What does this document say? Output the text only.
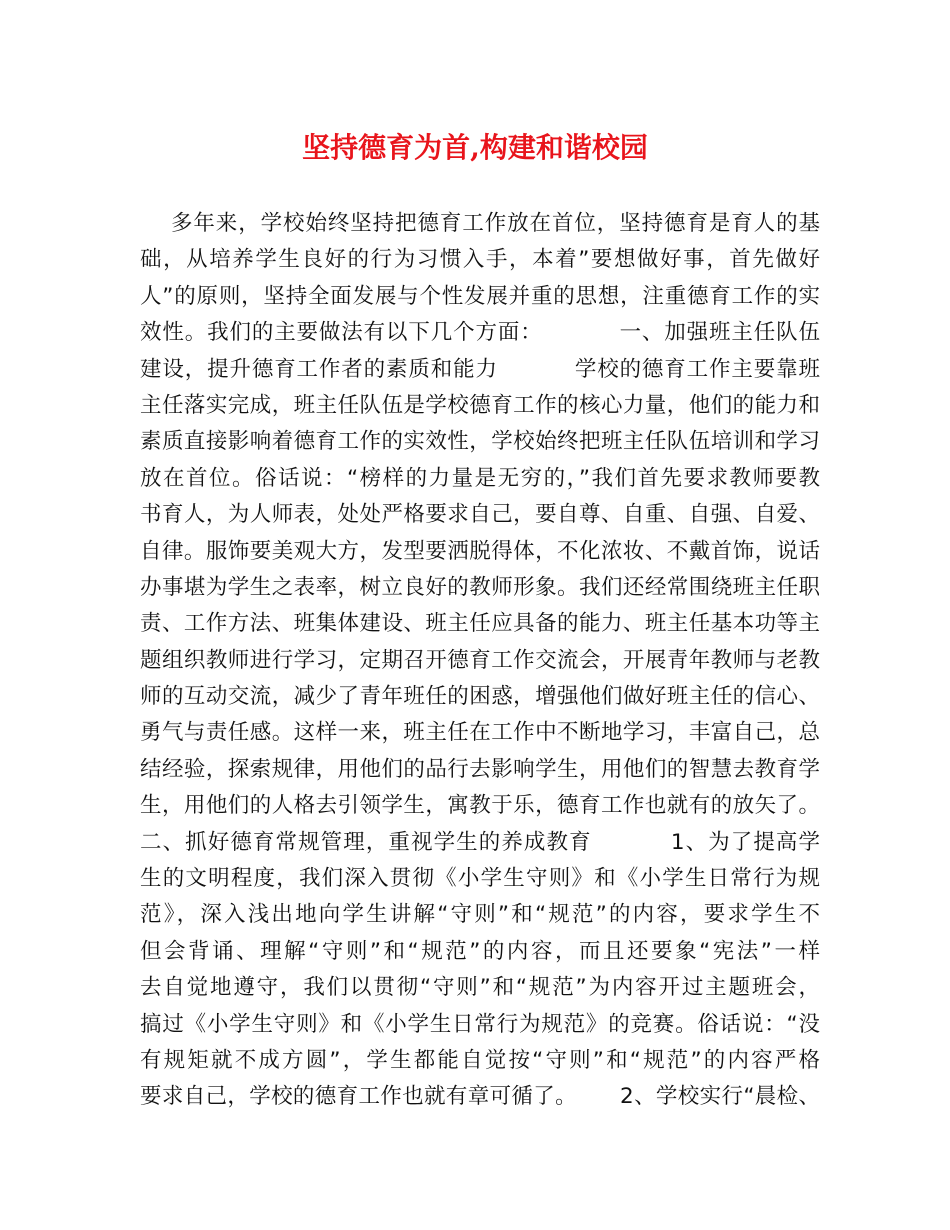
坚持德育为首,构建和谐校园
多年来，学校始终坚持把德育工作放在首位，坚持德育是育人的基
础，从培养学生良好的行为习惯入手，本着”要想做好事，首先做好
人”的原则，坚持全面发展与个性发展并重的思想，注重德育工作的实
效性。我们的主要做法有以下几个方面：          一、加强班主任队伍
建设，提升德育工作者的素质和能力          学校的德育工作主要靠班
主任落实完成，班主任队伍是学校德育工作的核心力量，他们的能力和
素质直接影响着德育工作的实效性，学校始终把班主任队伍培训和学习
放在首位。俗话说：“榜样的力量是无穷的，”我们首先要求教师要教
书育人，为人师表，处处严格要求自己，要自尊、自重、自强、自爱、
自律。服饰要美观大方，发型要洒脱得体，不化浓妆、不戴首饰，说话
办事堪为学生之表率，树立良好的教师形象。我们还经常围绕班主任职
责、工作方法、班集体建设、班主任应具备的能力、班主任基本功等主
题组织教师进行学习，定期召开德育工作交流会，开展青年教师与老教
师的互动交流，减少了青年班任的困惑，增强他们做好班主任的信心、
勇气与责任感。这样一来，班主任在工作中不断地学习，丰富自己，总
结经验，探索规律，用他们的品行去影响学生，用他们的智慧去教育学
生，用他们的人格去引领学生，寓教于乐，德育工作也就有的放矢了。
二、抓好德育常规管理，重视学生的养成教育          1、为了提高学
生的文明程度，我们深入贯彻《小学生守则》和《小学生日常行为规
范》，深入浅出地向学生讲解“守则”和“规范”的内容，要求学生不
但会背诵、理解“守则”和“规范”的内容，而且还要象“宪法”一样
去自觉地遵守，我们以贯彻“守则”和“规范”为内容开过主题班会，
搞过《小学生守则》和《小学生日常行为规范》的竞赛。俗话说：“没
有规矩就不成方圆”，学生都能自觉按“守则”和“规范”的内容严格
要求自己，学校的德育工作也就有章可循了。      2、学校实行“晨检、
